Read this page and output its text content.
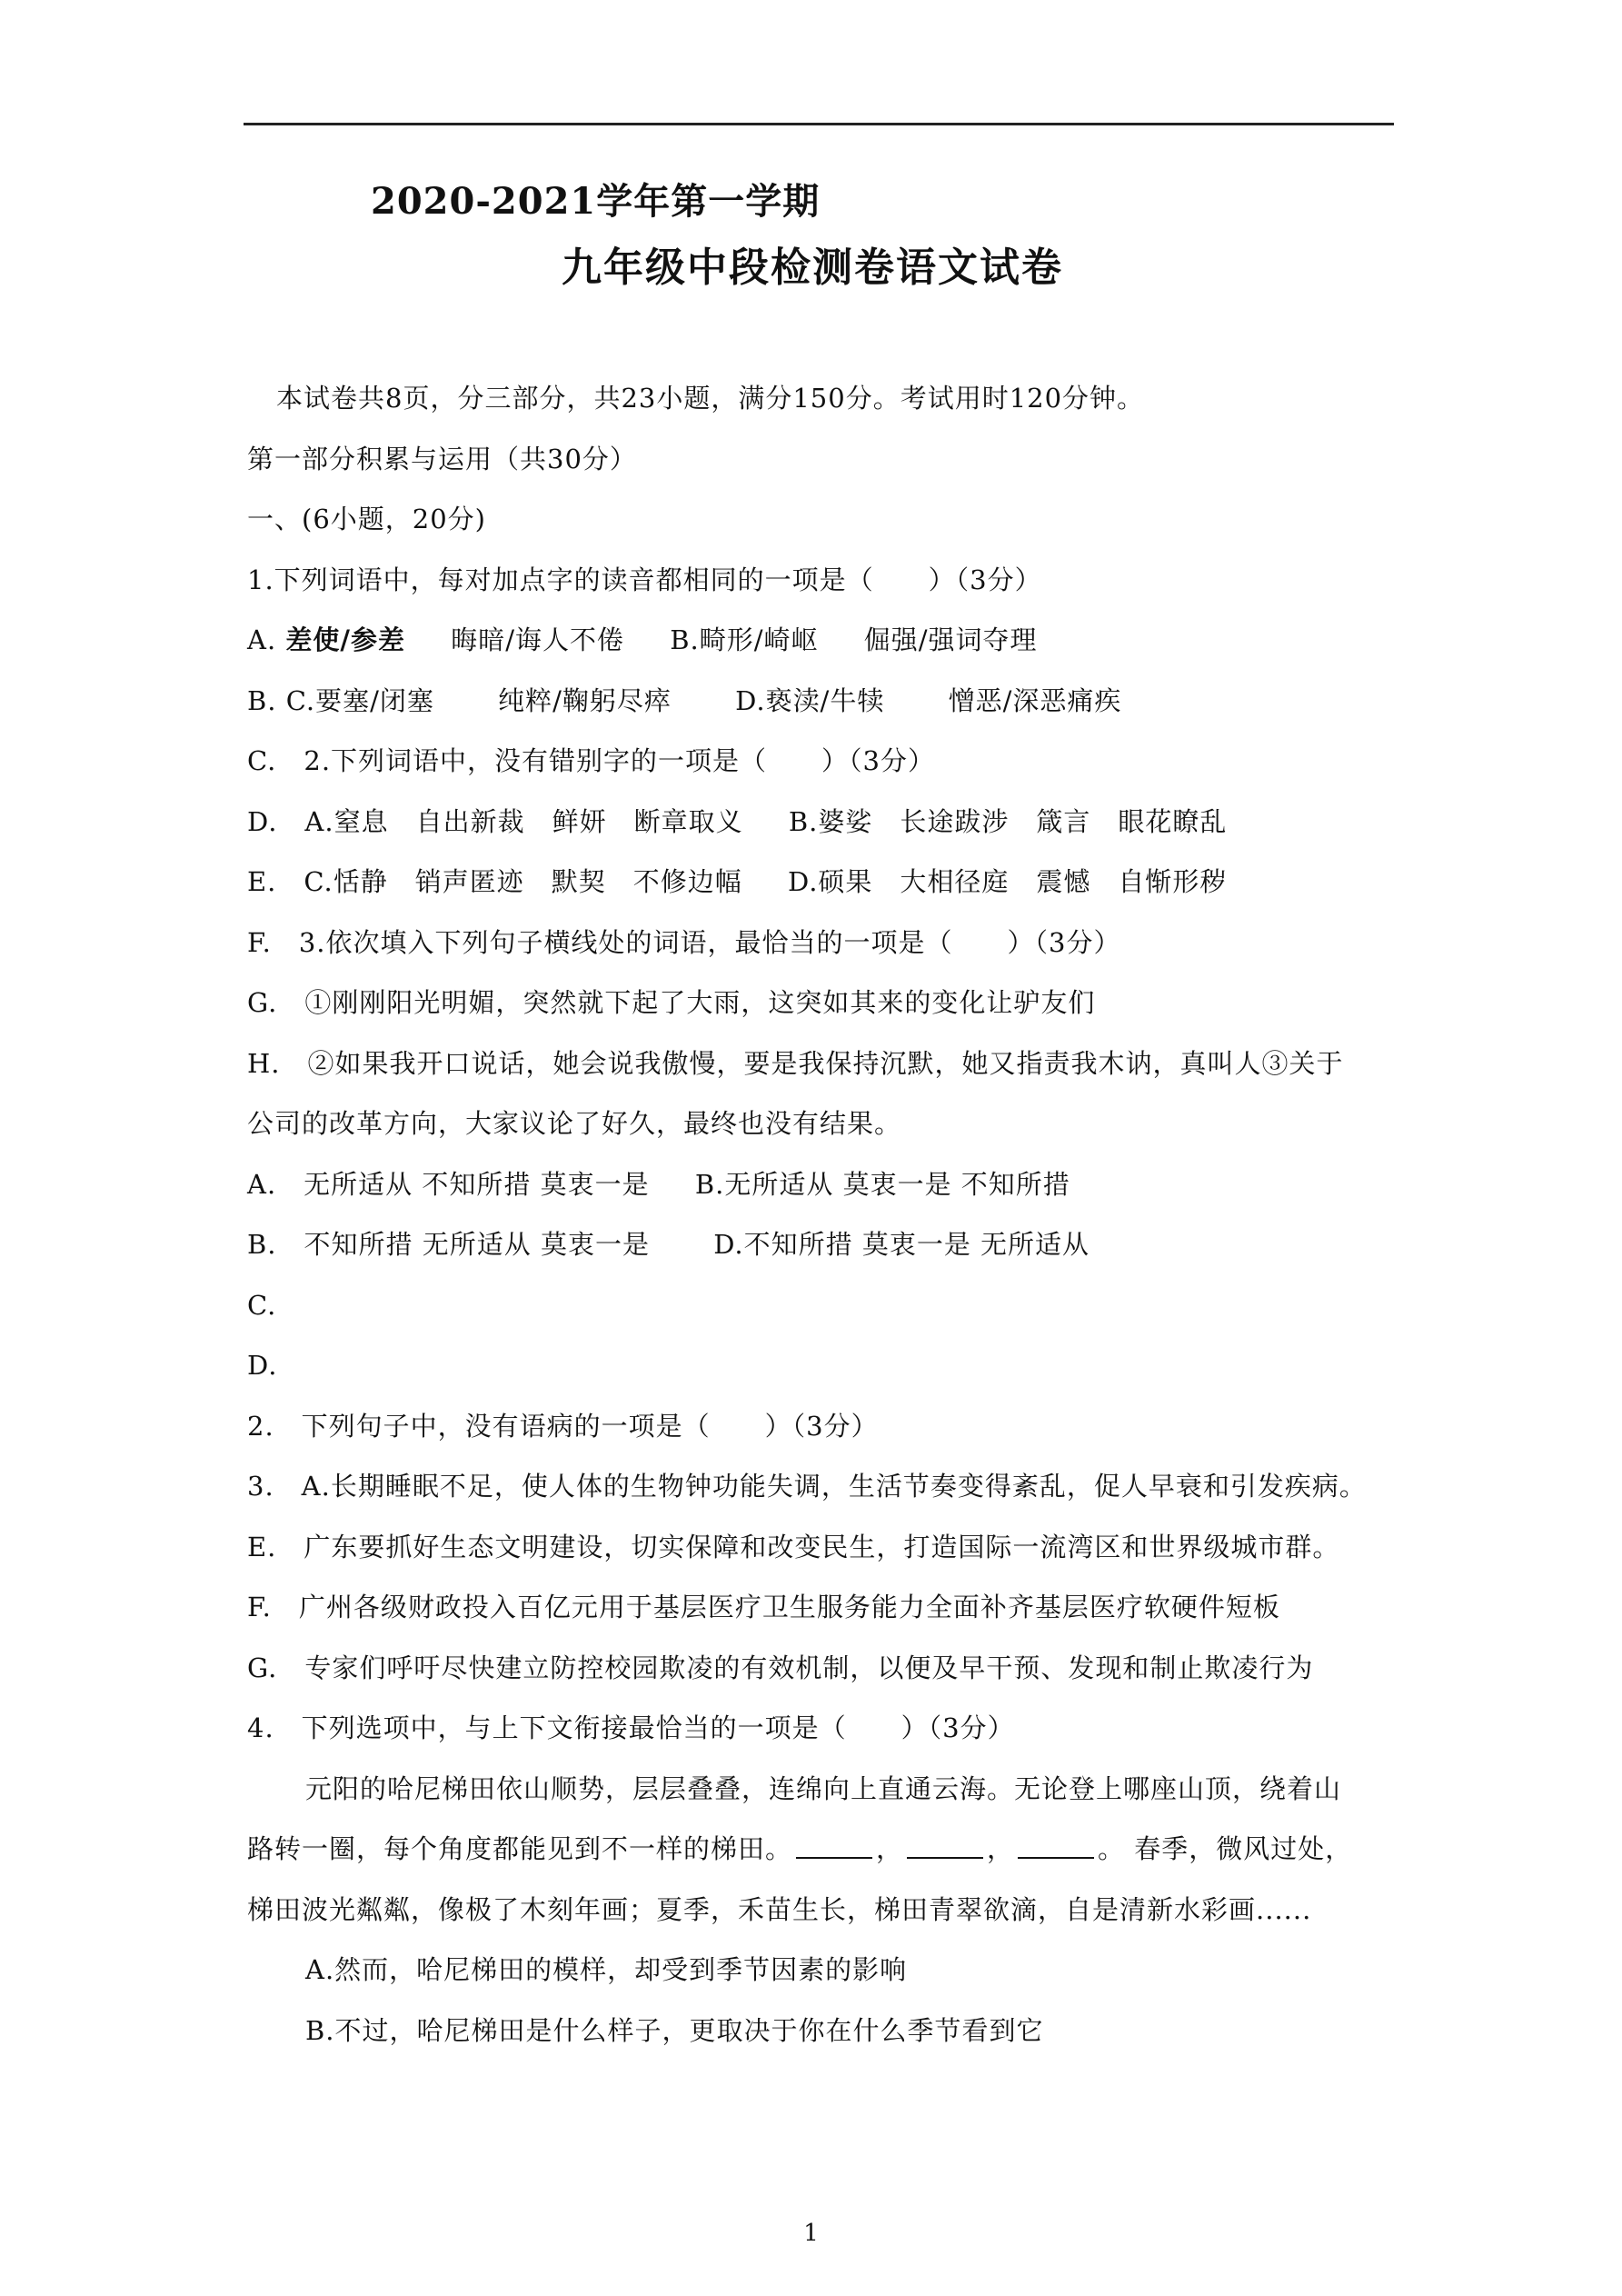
2020-2021学年第一学期
九年级中段检测卷语文试卷
本试卷共8页，分三部分，共23小题，满分150分。考试用时120分钟。
第一部分积累与运用（共30分）
一、(6小题，20分)
1.下列词语中，每对加点字的读音都相同的一项是（　　）（3分）
A. 差使/参差 晦暗/诲人不倦 B.畸形/崎岖 倔强/强词夺理
B. C.要塞/闭塞 纯粹/鞠躬尽瘁 D.亵渎/牛犊 憎恶/深恶痛疾
C.　2.下列词语中，没有错别字的一项是（　　）（3分）
D.　A.窒息　自出新裁　鲜妍　断章取义 B.婆娑　长途跋涉　箴言　眼花瞭乱
E.　C.恬静　销声匿迹　默契　不修边幅 D.硕果　大相径庭　震憾　自惭形秽
F.　3.依次填入下列句子横线处的词语，最恰当的一项是（　　）（3分）
G.　①刚刚阳光明媚，突然就下起了大雨，这突如其来的变化让驴友们
H.　②如果我开口说话，她会说我傲慢，要是我保持沉默，她又指责我木讷，真叫人③关于
公司的改革方向，大家议论了好久，最终也没有结果。
A.　无所适从 不知所措 莫衷一是 B.无所适从 莫衷一是 不知所措
B.　不知所措 无所适从 莫衷一是 D.不知所措 莫衷一是 无所适从
C.
D.
2.　下列句子中，没有语病的一项是（　　）（3分）
3.　A.长期睡眠不足，使人体的生物钟功能失调，生活节奏变得紊乱，促人早衰和引发疾病。
E.　广东要抓好生态文明建设，切实保障和改变民生，打造国际一流湾区和世界级城市群。
F.　广州各级财政投入百亿元用于基层医疗卫生服务能力全面补齐基层医疗软硬件短板
G.　专家们呼吁尽快建立防控校园欺凌的有效机制，以便及早干预、发现和制止欺凌行为
4.　下列选项中，与上下文衔接最恰当的一项是（　　）（3分）
元阳的哈尼梯田依山顺势，层层叠叠，连绵向上直通云海。无论登上哪座山顶，绕着山
路转一圈，每个角度都能见到不一样的梯田。	，	，	。 春季，微风过处，
梯田波光粼粼，像极了木刻年画；夏季，禾苗生长，梯田青翠欲滴，自是清新水彩画......
A.然而，哈尼梯田的模样，却受到季节因素的影响
B.不过，哈尼梯田是什么样子，更取决于你在什么季节看到它
1
